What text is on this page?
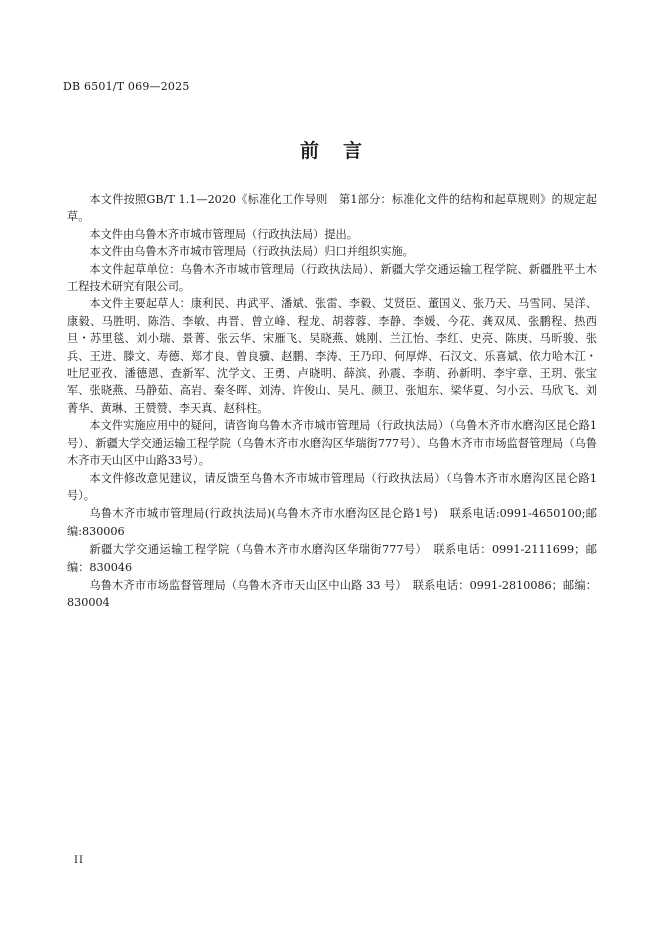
DB 6501/T 069—2025
前言

本文件按照GB/T 1.1—2020《标准化工作导则　第1部分：标准化文件的结构和起草规则》的规定起草。

本文件由乌鲁木齐市城市管理局（行政执法局）提出。

本文件由乌鲁木齐市城市管理局（行政执法局）归口并组织实施。

本文件起草单位：乌鲁木齐市城市管理局（行政执法局）、新疆大学交通运输工程学院、新疆胜平土木工程技术研究有限公司。

本文件主要起草人：康利民、冉武平、潘斌、张雷、李毅、艾贤臣、董国义、张乃天、马雪同、吴洋、康毅、马胜明、陈浩、李敏、冉晋、曾立峰、程龙、胡蓉蓉、李静、李媛、今花、龚双凤、张鹏程、热西旦・苏里毯、刘小瑞、景菁、张云华、宋雁飞、吴晓燕、姚刚、兰江怡、李红、史亮、陈庚、马昕骏、张兵、王进、滕文、寿德、郑才良、曾良骥、赵鹏、李涛、王乃印、何厚烨、石汉文、乐喜斌、依力哈木江・吐尼亚孜、潘德恩、查新军、沈学文、王勇、卢晓明、薛滨、孙震、李萌、孙新明、李宇章、王玥、张宝军、张晓燕、马静茹、高岩、秦冬晖、刘涛、许俊山、吴凡、颜卫、张旭东、梁华夏、匀小云、马欣飞、刘菁华、黄琳、王赞赞、李天真、赵科柱。

本文件实施应用中的疑问，请咨询乌鲁木齐市城市管理局（行政执法局）（乌鲁木齐市水磨沟区昆仑路1号）、新疆大学交通运输工程学院（乌鲁木齐市水磨沟区华瑞街777号）、乌鲁木齐市市场监督管理局（乌鲁木齐市天山区中山路33号）。

本文件修改意见建议，请反馈至乌鲁木齐市城市管理局（行政执法局）（乌鲁木齐市水磨沟区昆仑路1号）。

乌鲁木齐市城市管理局(行政执法局)(乌鲁木齐市水磨沟区昆仑路1号)　联系电话:0991-4650100;邮编:830006

新疆大学交通运输工程学院（乌鲁木齐市水磨沟区华瑞街777号）　联系电话：0991-2111699；邮编：830046

乌鲁木齐市市场监督管理局（乌鲁木齐市天山区中山路 33 号）　联系电话：0991-2810086；邮编：830004

II
